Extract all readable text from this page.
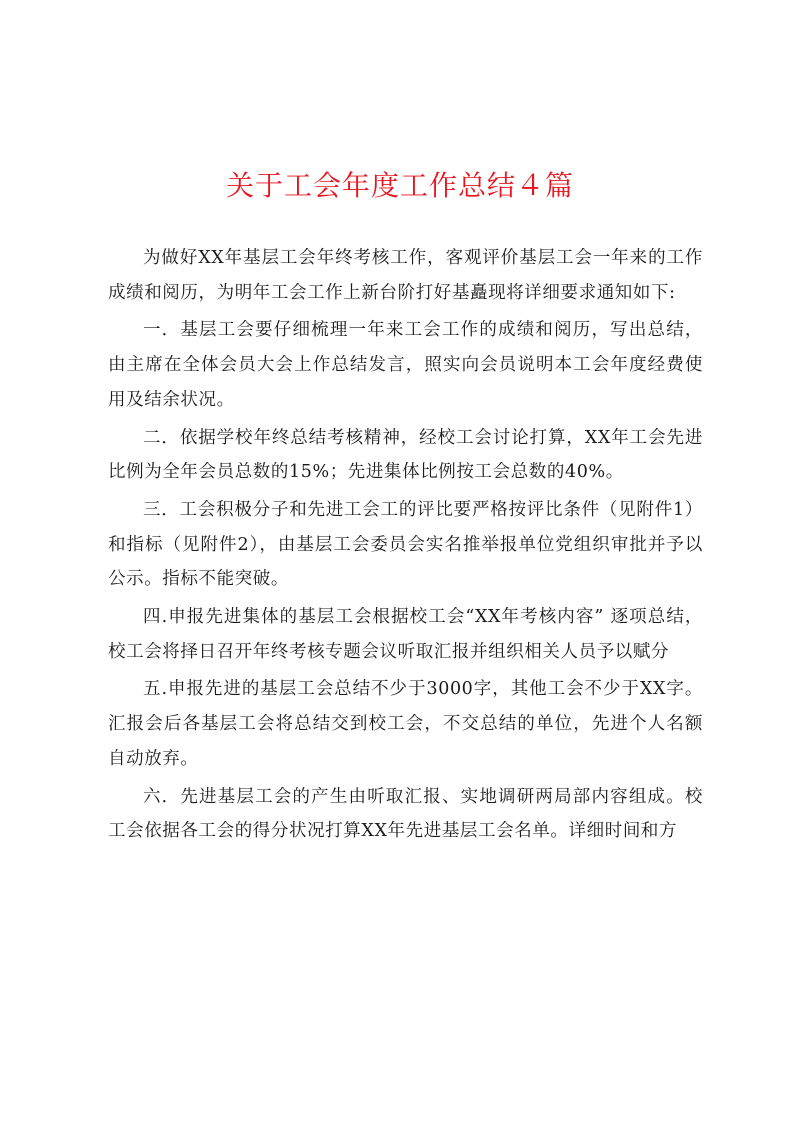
关于工会年度工作总结４篇

为做好XX年基层工会年终考核工作，客观评价基层工会一年来的工作成绩和阅历，为明年工会工作上新台阶打好基矗现将详细要求通知如下:

一．基层工会要仔细梳理一年来工会工作的成绩和阅历，写出总结，由主席在全体会员大会上作总结发言，照实向会员说明本工会年度经费使用及结余状况。

二．依据学校年终总结考核精神，经校工会讨论打算，XX年工会先进比例为全年会员总数的15%；先进集体比例按工会总数的40%。

三．工会积极分子和先进工会工的评比要严格按评比条件（见附件1）和指标（见附件2），由基层工会委员会实名推举报单位党组织审批并予以公示。指标不能突破。

四.申报先进集体的基层工会根据校工会“XX年考核内容” 逐项总结，校工会将择日召开年终考核专题会议听取汇报并组织相关人员予以赋分

五.申报先进的基层工会总结不少于3000字，其他工会不少于XX字。汇报会后各基层工会将总结交到校工会，不交总结的单位，先进个人名额自动放弃。

六．先进基层工会的产生由听取汇报、实地调研两局部内容组成。校工会依据各工会的得分状况打算XX年先进基层工会名单。详细时间和方
